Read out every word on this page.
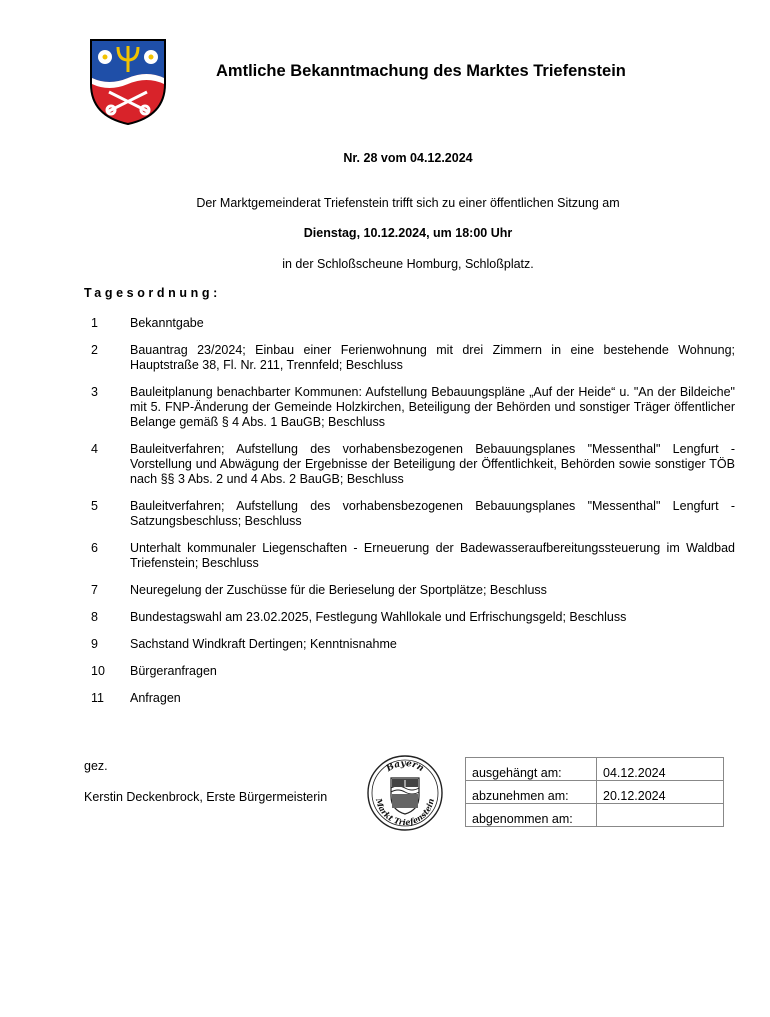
Amtliche Bekanntmachung des Marktes Triefenstein
Nr. 28 vom 04.12.2024
Der Marktgemeinderat Triefenstein trifft sich zu einer öffentlichen Sitzung am
Dienstag, 10.12.2024, um 18:00 Uhr
in der Schloßscheune Homburg, Schloßplatz.
Tagesordnung:
1	Bekanntgabe
2	Bauantrag 23/2024; Einbau einer Ferienwohnung mit drei Zimmern in eine bestehende Wohnung; Hauptstraße 38, Fl. Nr. 211, Trennfeld; Beschluss
3	Bauleitplanung benachbarter Kommunen: Aufstellung Bebauungspläne „Auf der Heide“ u. "An der Bildeiche" mit 5. FNP-Änderung der Gemeinde Holzkirchen, Beteiligung der Behörden und sonstiger Träger öffentlicher Belange gemäß § 4 Abs. 1 BauGB; Beschluss
4	Bauleitverfahren; Aufstellung des vorhabensbezogenen Bebauungsplanes "Messenthal" Lengfurt - Vorstellung und Abwägung der Ergebnisse der Beteiligung der Öffentlichkeit, Behörden sowie sonstiger TÖB nach §§ 3 Abs. 2 und 4 Abs. 2 BauGB; Beschluss
5	Bauleitverfahren; Aufstellung des vorhabensbezogenen Bebauungsplanes "Messenthal" Lengfurt - Satzungsbeschluss; Beschluss
6	Unterhalt kommunaler Liegenschaften - Erneuerung der Badewasseraufbereitungssteuerung im Waldbad Triefenstein; Beschluss
7	Neuregelung der Zuschüsse für die Berieselung der Sportplätze; Beschluss
8	Bundestagswahl am 23.02.2025, Festlegung Wahllokale und Erfrischungsgeld; Beschluss
9	Sachstand Windkraft Dertingen; Kenntnisnahme
10	Bürgeranfragen
11	Anfragen
gez.
Kerstin Deckenbrock, Erste Bürgermeisterin
Bayern
Markt Triefenstein
ausgehängt am:	04.12.2024
abzunehmen am:	20.12.2024
abgenommen am:	
